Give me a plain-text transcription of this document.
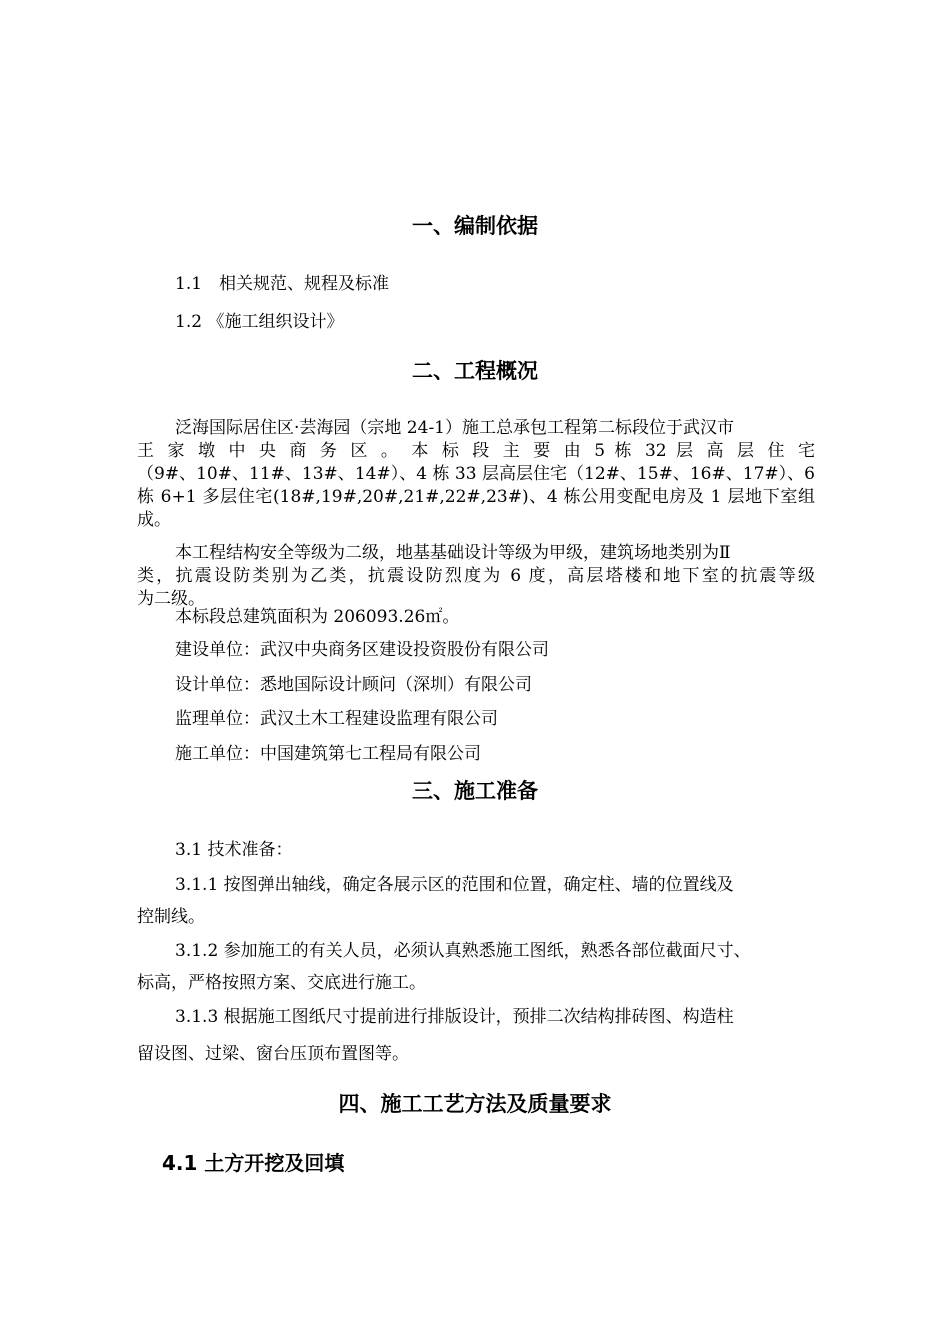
一、编制依据
1.1　相关规范、规程及标准
1.2 《施工组织设计》
二、工程概况
泛海国际居住区·芸海园（宗地 24-1）施工总承包工程第二标段位于武汉市
王 家 墩 中 央 商 务 区 。 本 标 段 主 要 由 5 栋 32 层 高 层 住 宅
（9#、10#、11#、13#、14#）、4 栋 33 层高层住宅（12#、15#、16#、17#）、6
栋 6+1 多层住宅(18#,19#,20#,21#,22#,23#)、4 栋公用变配电房及 1 层地下室组
成。
本工程结构安全等级为二级，地基基础设计等级为甲级，建筑场地类别为Ⅱ
类，抗震设防类别为乙类，抗震设防烈度为 6 度，高层塔楼和地下室的抗震等级
为二级。
本标段总建筑面积为 206093.26㎡。
建设单位：武汉中央商务区建设投资股份有限公司
设计单位：悉地国际设计顾问（深圳）有限公司
监理单位：武汉土木工程建设监理有限公司
施工单位：中国建筑第七工程局有限公司
三、施工准备
3.1 技术准备：
3.1.1 按图弹出轴线，确定各展示区的范围和位置，确定柱、墙的位置线及
控制线。
3.1.2 参加施工的有关人员，必须认真熟悉施工图纸，熟悉各部位截面尺寸、
标高，严格按照方案、交底进行施工。
3.1.3 根据施工图纸尺寸提前进行排版设计，预排二次结构排砖图、构造柱
留设图、过梁、窗台压顶布置图等。
四、施工工艺方法及质量要求
4.1 土方开挖及回填
